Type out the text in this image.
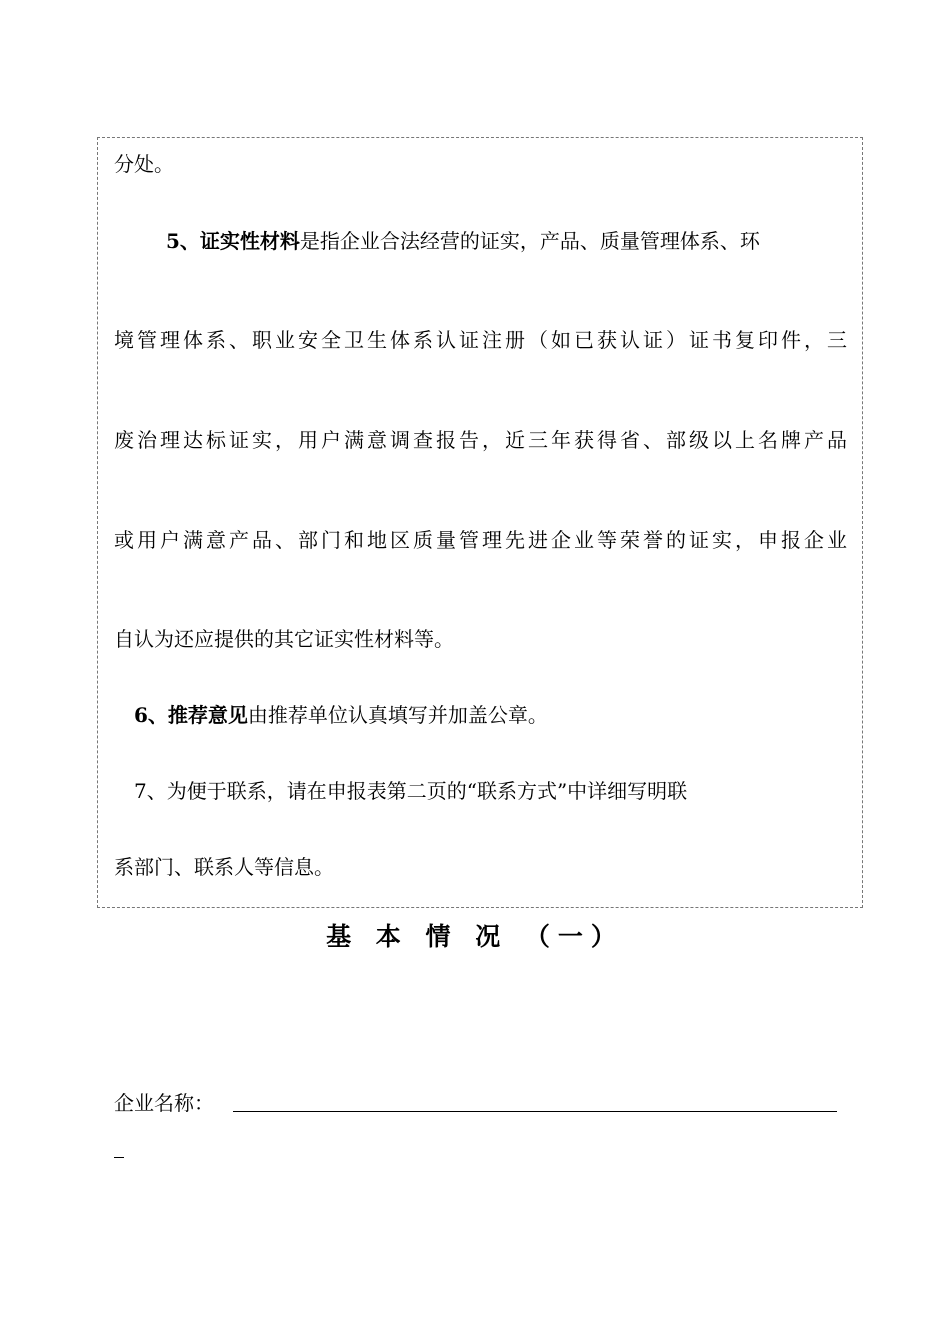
分处。
5、证实性材料是指企业合法经营的证实，产品、质量管理体系、环
境管理体系、职业安全卫生体系认证注册（如已获认证）证书复印件，三
废治理达标证实，用户满意调查报告，近三年获得省、部级以上名牌产品
或用户满意产品、部门和地区质量管理先进企业等荣誉的证实，申报企业
自认为还应提供的其它证实性材料等。
6、推荐意见由推荐单位认真填写并加盖公章。
7、为便于联系，请在申报表第二页的“联系方式”中详细写明联
系部门、联系人等信息。
基 本 情 况 （一）
企业名称：
